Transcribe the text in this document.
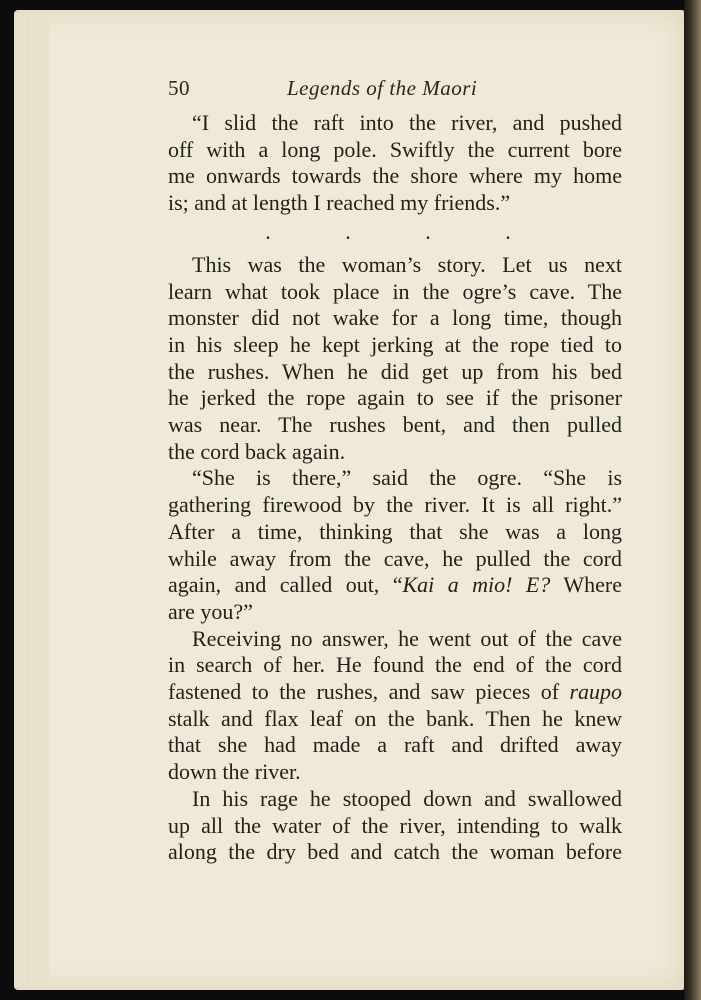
50	Legends of the Maori
“I slid the raft into the river, and pushed
off with a long pole. Swiftly the current bore
me onwards towards the shore where my home
is; and at length I reached my friends.”
.	.	.	.
This was the woman’s story. Let us next
learn what took place in the ogre’s cave. The
monster did not wake for a long time, though
in his sleep he kept jerking at the rope tied to
the rushes. When he did get up from his bed
he jerked the rope again to see if the prisoner
was near. The rushes bent, and then pulled
the cord back again.
“She is there,” said the ogre. “She is
gathering firewood by the river. It is all right.”
After a time, thinking that she was a long
while away from the cave, he pulled the cord
again, and called out, “Kai a mio! E? Where
are you?”
Receiving no answer, he went out of the cave
in search of her. He found the end of the cord
fastened to the rushes, and saw pieces of raupo
stalk and flax leaf on the bank. Then he knew
that she had made a raft and drifted away
down the river.
In his rage he stooped down and swallowed
up all the water of the river, intending to walk
along the dry bed and catch the woman before
